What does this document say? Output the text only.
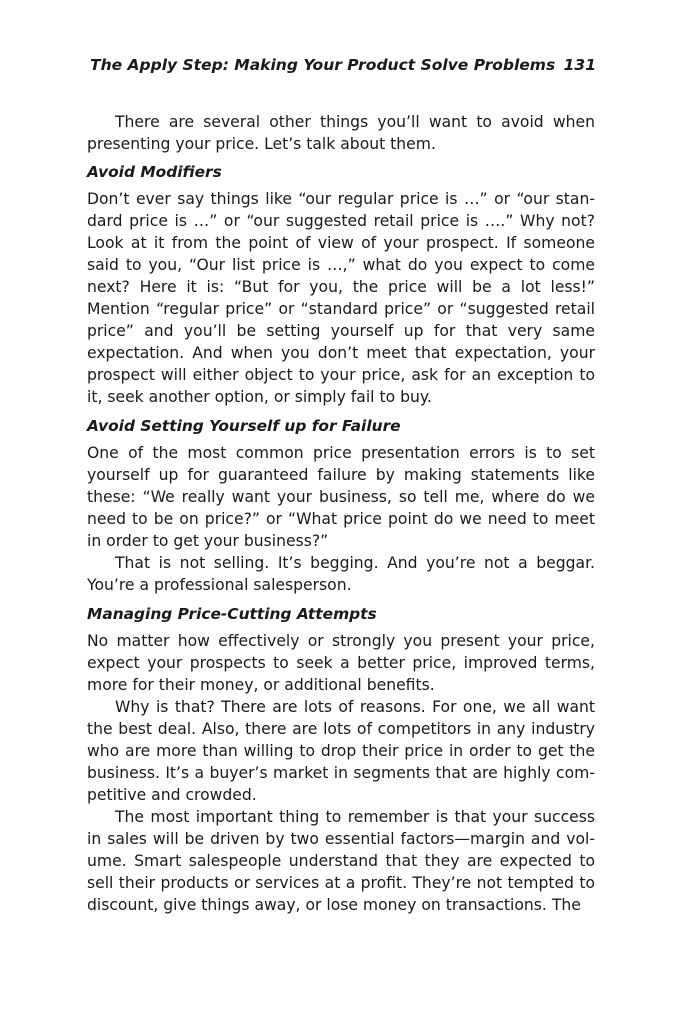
The Apply Step: Making Your Product Solve Problems 131

There are several other things you’ll want to avoid when presenting your price. Let’s talk about them.

Avoid Modifiers

Don’t ever say things like “our regular price is …” or “our standard price is …” or “our suggested retail price is ….” Why not? Look at it from the point of view of your prospect. If someone said to you, “Our list price is …,” what do you expect to come next? Here it is: “But for you, the price will be a lot less!” Mention “regular price” or “standard price” or “suggested retail price” and you’ll be setting yourself up for that very same expectation. And when you don’t meet that expectation, your prospect will either object to your price, ask for an exception to it, seek another option, or simply fail to buy.

Avoid Setting Yourself up for Failure

One of the most common price presentation errors is to set yourself up for guaranteed failure by making statements like these: “We really want your business, so tell me, where do we need to be on price?” or “What price point do we need to meet in order to get your business?”

That is not selling. It’s begging. And you’re not a beggar. You’re a professional salesperson.

Managing Price-Cutting Attempts

No matter how effectively or strongly you present your price, expect your prospects to seek a better price, improved terms, more for their money, or additional benefits.

Why is that? There are lots of reasons. For one, we all want the best deal. Also, there are lots of competitors in any industry who are more than willing to drop their price in order to get the business. It’s a buyer’s market in segments that are highly competitive and crowded.

The most important thing to remember is that your success in sales will be driven by two essential factors—margin and volume. Smart salespeople understand that they are expected to sell their products or services at a profit. They’re not tempted to discount, give things away, or lose money on transactions. The
